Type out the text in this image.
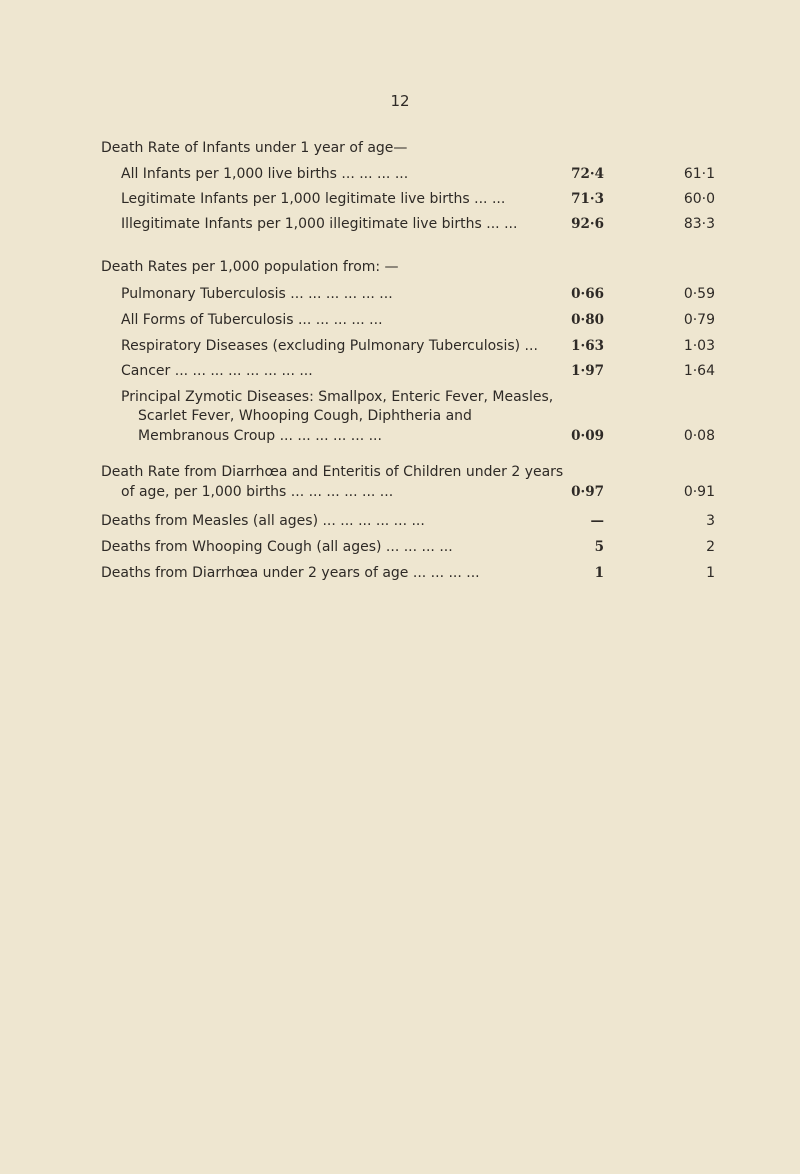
12
Death Rate of Infants under 1 year of age—
All Infants per 1,000 live births ... ... ... ...	72·4	61·1
Legitimate Infants per 1,000 legitimate live births ... ...	71·3	60·0
Illegitimate Infants per 1,000 illegitimate live births ... ...	92·6	83·3
Death Rates per 1,000 population from: —
Pulmonary Tuberculosis ... ... ... ... ... ...	0·66	0·59
All Forms of Tuberculosis ... ... ... ... ...	0·80	0·79
Respiratory Diseases (excluding Pulmonary Tuberculosis) ... 1·63	1·03
Cancer ... ... ... ... ... ... ... ...	1·97	1·64
Principal Zymotic Diseases: Smallpox, Enteric Fever, Measles,
Scarlet Fever, Whooping Cough, Diphtheria and
Membranous Croup ... ... ... ... ... ...	0·09	0·08
Death Rate from Diarrhœa and Enteritis of Children under 2 years
of age, per 1,000 births ... ... ... ... ... ...	0·97	0·91
Deaths from Measles (all ages) ... ... ... ... ... ...	—	3
Deaths from Whooping Cough (all ages) ... ... ... ...	5	2
Deaths from Diarrhœa under 2 years of age ... ... ... ...	1	1
